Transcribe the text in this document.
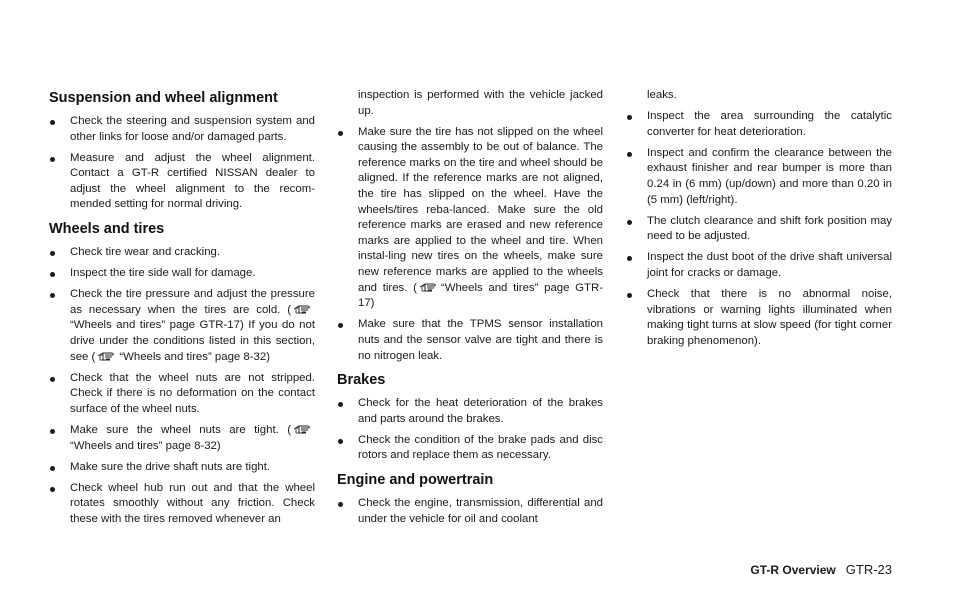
Suspension and wheel alignment
Check the steering and suspension system and other links for loose and/or damaged parts.
Measure and adjust the wheel alignment. Contact a GT-R certified NISSAN dealer to adjust the wheel alignment to the recom-mended setting for normal driving.
Wheels and tires
Check tire wear and cracking.
Inspect the tire side wall for damage.
Check the tire pressure and adjust the pressure as necessary when the tires are cold. (
“Wheels and tires” page GTR-17) If you do not drive under the conditions listed in this section, see ( “Wheels and tires” page 8-32)
Check that the wheel nuts are not stripped. Check if there is no deformation on the contact surface of the wheel nuts.
Make sure the wheel nuts are tight. (
“Wheels and tires” page 8-32)
Make sure the drive shaft nuts are tight.
Check wheel hub run out and that the wheel rotates smoothly without any friction. Check these with the tires removed whenever an
inspection is performed with the vehicle jacked up.
Make sure the tire has not slipped on the wheel causing the assembly to be out of balance. The reference marks on the tire and wheel should be aligned. If the reference marks are not aligned, the tire has slipped on the wheel. Have the wheels/tires reba-lanced. Make sure the old reference marks are erased and new reference marks are applied to the wheel and tire. When instal-ling new tires on the wheels, make sure new reference marks are applied to the wheels and tires. ( “Wheels and tires” page GTR-17)
Make sure that the TPMS sensor installation nuts and the sensor valve are tight and there is no nitrogen leak.
Brakes
Check for the heat deterioration of the brakes and parts around the brakes.
Check the condition of the brake pads and disc rotors and replace them as necessary.
Engine and powertrain
Check the engine, transmission, differential and under the vehicle for oil and coolant
leaks.
Inspect the area surrounding the catalytic converter for heat deterioration.
Inspect and confirm the clearance between the exhaust finisher and rear bumper is more than 0.24 in (6 mm) (up/down) and more than 0.20 in (5 mm) (left/right).
The clutch clearance and shift fork position may need to be adjusted.
Inspect the dust boot of the drive shaft universal joint for cracks or damage.
Check that there is no abnormal noise, vibrations or warning lights illuminated when making tight turns at slow speed (for tight corner braking phenomenon).
GT-R Overview GTR-23
